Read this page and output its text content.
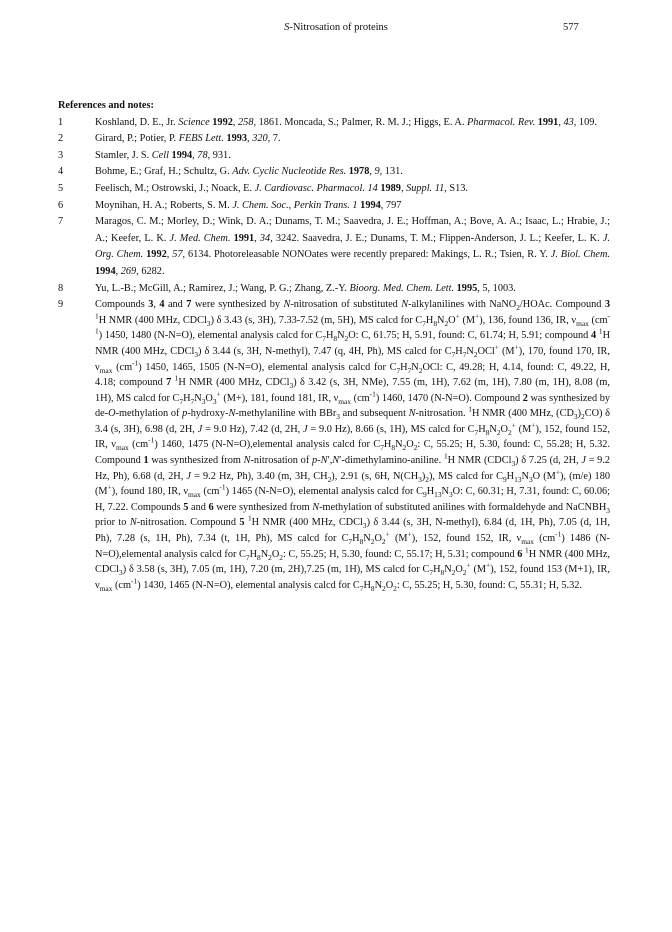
S-Nitrosation of proteins	577
References and notes:
1	Koshland, D. E., Jr. Science 1992, 258, 1861. Moncada, S.; Palmer, R. M. J.; Higgs, E. A. Pharmacol. Rev. 1991, 43, 109.
2	Girard, P.; Potier, P. FEBS Lett. 1993, 320, 7.
3	Stamler, J. S. Cell 1994, 78, 931.
4	Bohme, E.; Graf, H.; Schultz, G. Adv. Cyclic Nucleotide Res. 1978, 9, 131.
5	Feelisch, M.; Ostrowski, J.; Noack, E. J. Cardiovasc. Pharmacol. 14 1989, Suppl. 11, S13.
6	Moynihan, H. A.; Roberts, S. M. J. Chem. Soc., Perkin Trans. 1 1994, 797
7	Maragos, C. M.; Morley, D.; Wink, D. A.; Dunams, T. M.; Saavedra, J. E.; Hoffman, A.; Bove, A. A.; Isaac, L.; Hrabie, J.; A.; Keefer, L. K. J. Med. Chem. 1991, 34, 3242. Saavedra, J. E.; Dunams, T. M.; Flippen-Anderson, J. L.; Keefer, L. K. J. Org. Chem. 1992, 57, 6134. Photoreleasable NONOates were recently prepared: Makings, L. R.; Tsien, R. Y. J. Biol. Chem. 1994, 269, 6282.
8	Yu, L.-B.; McGill, A.; Ramirez, J.; Wang, P. G.; Zhang, Z.-Y. Bioorg. Med. Chem. Lett. 1995, 5, 1003.
9	Compounds 3, 4 and 7 were synthesized by N-nitrosation of substituted N-alkylanilines with NaNO$_2$/HOAc. Compound 3 $^1$H NMR (400 MHz, CDCl$_3$) δ 3.43 (s, 3H), 7.33-7.52 (m, 5H), MS calcd for $C_7H_8N_2O^+$ (M+), 136, found 136, IR, $\nu_{max}$ $(cm^{-1})$ 1450, 1480 (N-N=O), elemental analysis calcd for $C_7H_8N_2O$: C, 61.75; H, 5.91, found: C, 61.74; H, 5.91; compound 4 $^1$H NMR (400 MHz, CDCl$_3$) δ 3.44 (s, 3H, N-methyl), 7.47 (q, 4H, Ph), MS calcd for $C_7H_7N_2OCl^+$ (M+), 170, found 170, IR, $\nu_{max}$ $(cm^{-1})$ 1450, 1465, 1505 (N-N=O), elemental analysis calcd for $C_7H_7N_2OCl$: C, 49.28; H, 4.14, found: C, 49.22, H, 4.18; compound 7 $^1$H NMR (400 MHz, CDCl$_3$) δ 3.42 (s, 3H, NMe), 7.55 (m, 1H), 7.62 (m, 1H), 7.80 (m, 1H), 8.08 (m, 1H), MS calcd for $C_7H_7N_3O_3^+$ (M+), 181, found 181, IR, $\nu_{max}$ $(cm^{-1})$ 1460, 1470 (N-N=O). Compound 2 was synthesized by de-O-methylation of p-hydroxy-N-methylaniline with BBr$_3$ and subsequent N-nitrosation. $^1$H NMR (400 MHz, $(CD_3)_2CO$) δ 3.4 (s, 3H), 6.98 (d, 2H, J = 9.0 Hz), 7.42 (d, 2H, J = 9.0 Hz), 8.66 (s, 1H), MS calcd for $C_7H_8N_2O_2^+$ (M+), 152, found 152, IR, $\nu_{max}$ $(cm^{-1})$ 1460, 1475 (N-N=O),elemental analysis calcd for $C_7H_8N_2O_2$: C, 55.25; H, 5.30, found: C, 55.28; H, 5.32. Compound 1 was synthesized from N-nitrosation of p-N′,N′-dimethylamino-aniline. $^1$H NMR (CDCl$_3$) δ 7.25 (d, 2H, J = 9.2 Hz, Ph), 6.68 (d, 2H, J = 9.2 Hz, Ph), 3.40 (m, 3H, $CH_2$), 2.91 (s, 6H, $N(CH_3)_2$), MS calcd for $C_9H_{13}N_3O$ (M+), (m/e) 180 (M+), found 180, IR, $\nu_{max}$ $(cm^{-1})$ 1465 (N-N=O), elemental analysis calcd for $C_9H_{13}N_3O$: C, 60.31; H, 7.31, found: C, 60.06; H, 7.22. Compounds 5 and 6 were synthesized from N-methylation of substituted anilines with formaldehyde and NaCNBH$_3$ prior to N-nitrosation. Compound 5 $^1$H NMR (400 MHz, CDCl$_3$) δ 3.44 (s, 3H, N-methyl), 6.84 (d, 1H, Ph), 7.05 (d, 1H, Ph), 7.28 (s, 1H, Ph), 7.34 (t, 1H, Ph), MS calcd for $C_7H_8N_2O_2^+$ (M+), 152, found 152, IR, $\nu_{max}$ $(cm^{-1})$ 1486 (N-N=O),elemental analysis calcd for $C_7H_8N_2O_2$: C, 55.25; H, 5.30, found: C, 55.17; H, 5.31; compound 6 $^1$H NMR (400 MHz, CDCl$_3$) δ 3.58 (s, 3H), 7.05 (m, 1H), 7.20 (m, 2H),7.25 (m, 1H), MS calcd for $C_7H_8N_2O_2^+$ (M+), 152, found 153 (M+1), IR, $\nu_{max}$ $(cm^{-1})$ 1430, 1465 (N-N=O), elemental analysis calcd for $C_7H_8N_2O_2$: C, 55.25; H, 5.30, found: C, 55.31; H, 5.32.
